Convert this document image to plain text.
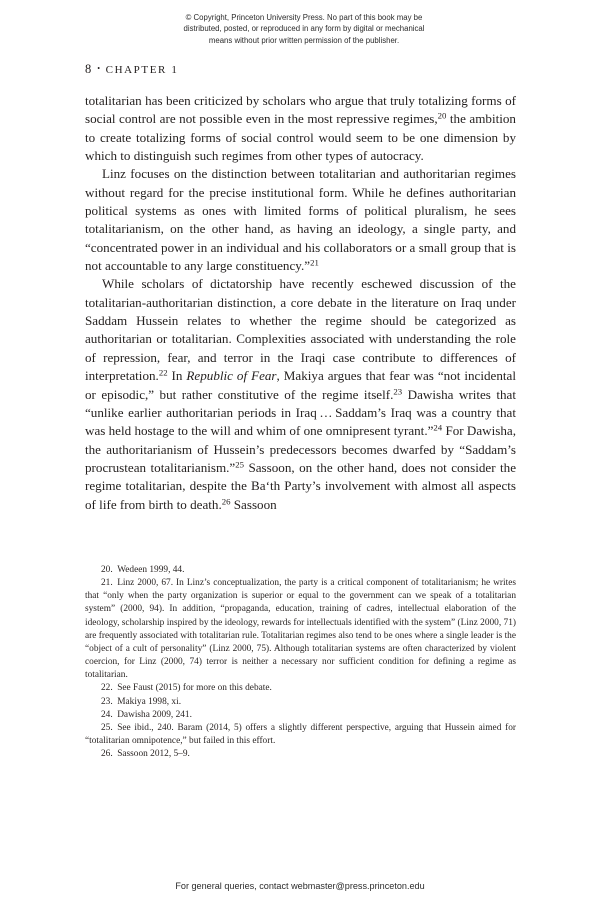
© Copyright, Princeton University Press. No part of this book may be
distributed, posted, or reproduced in any form by digital or mechanical
means without prior written permission of the publisher.
8 • CHAPTER 1

totalitarian has been criticized by scholars who argue that truly totalizing forms of social control are not possible even in the most repressive regimes,$^{20}$ the ambition to create totalizing forms of social control would seem to be one dimension by which to distinguish such regimes from other types of autocracy.

Linz focuses on the distinction between totalitarian and authoritarian regimes without regard for the precise institutional form. While he defines authoritarian political systems as ones with limited forms of political pluralism, he sees totalitarianism, on the other hand, as having an ideology, a single party, and “concentrated power in an individual and his collaborators or a small group that is not accountable to any large constituency.”$^{21}$

While scholars of dictatorship have recently eschewed discussion of the totalitarian-authoritarian distinction, a core debate in the literature on Iraq under Saddam Hussein relates to whether the regime should be categorized as authoritarian or totalitarian. Complexities associated with understanding the role of repression, fear, and terror in the Iraqi case contribute to differences of interpretation.$^{22}$ In Republic of Fear, Makiya argues that fear was “not incidental or episodic,” but rather constitutive of the regime itself.$^{23}$ Dawisha writes that “unlike earlier authoritarian periods in Iraq … Saddam’s Iraq was a country that was held hostage to the will and whim of one omnipresent tyrant.”$^{24}$ For Dawisha, the authoritarianism of Hussein’s predecessors becomes dwarfed by “Saddam’s procrustean totalitarianism.”$^{25}$ Sassoon, on the other hand, does not consider the regime totalitarian, despite the Baʻth Party’s involvement with almost all aspects of life from birth to death.$^{26}$ Sassoon

20. Wedeen 1999, 44.

21. Linz 2000, 67. In Linz’s conceptualization, the party is a critical component of totalitarianism; he writes that “only when the party organization is superior or equal to the government can we speak of a totalitarian system” (2000, 94). In addition, “propaganda, education, training of cadres, intellectual elaboration of the ideology, scholarship inspired by the ideology, rewards for intellectuals identified with the system” (Linz 2000, 71) are frequently associated with totalitarian rule. Totalitarian regimes also tend to be ones where a single leader is the “object of a cult of personality” (Linz 2000, 75). Although totalitarian systems are often characterized by violent coercion, for Linz (2000, 74) terror is neither a necessary nor sufficient condition for defining a regime as totalitarian.

22. See Faust (2015) for more on this debate.

23. Makiya 1998, xi.

24. Dawisha 2009, 241.

25. See ibid., 240. Baram (2014, 5) offers a slightly different perspective, arguing that Hussein aimed for “totalitarian omnipotence,” but failed in this effort.

26. Sassoon 2012, 5–9.

For general queries, contact webmaster@press.princeton.edu
